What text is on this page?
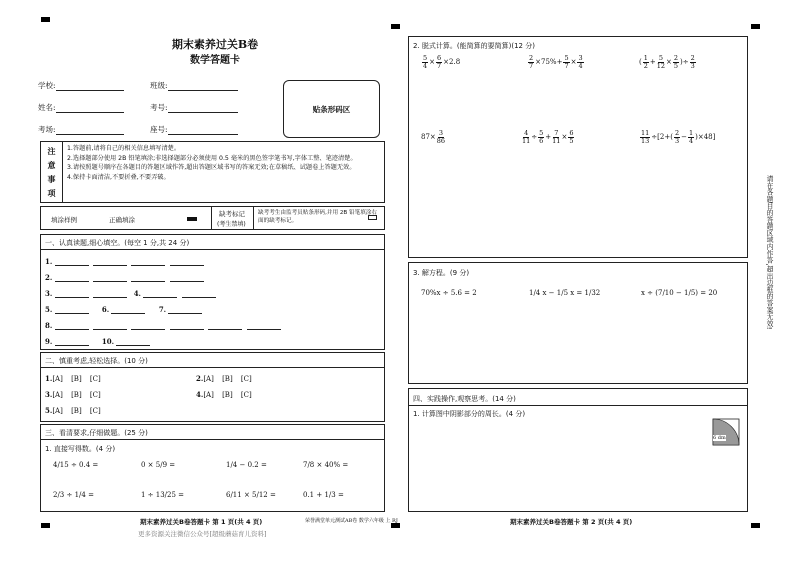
期末素养过关B卷
数学答题卡
学校:	班级:
姓名:	考号:
考场:	座号:
贴条形码区
注
意
事
项
1.答题前,请将自己的相关信息填写清楚。
2.选择题部分使用 2B 铅笔填涂;非选择题部分必须使用 0.5 毫米的黑色签字笔书写,字体工整、笔迹清楚。
3.请按照题号顺序在各题目的答题区域作答,超出答题区域书写的答案无效;在草稿纸、试题卷上答题无效。
4.保持卡面清洁,不要折叠,不要弄破。
填涂样例	正确填涂
缺考标记
(考生禁填)
缺考考生由监考员贴条形码,并用 2B 铅笔填涂右面的缺考标记。
一、认真读题,细心填空。(每空 1 分,共 24 分)
1.
2.
3.	4.
5.	6.	7.
8.
9.	10.
二、慎重考虑,轻松选择。(10 分)
1.[A] [B] [C]	2.[A] [B] [C]
3.[A] [B] [C]	4.[A] [B] [C]
5.[A] [B] [C]
三、看清要求,仔细做题。(25 分)
1. 直接写得数。(4 分)
4/15 ÷ 0.4 =	0 × 5/9 =	1/4 − 0.2 =	7/8 × 40% =
2/3 ÷ 1/4 =	1 ÷ 13/25 =	6/11 × 5/12 =	0.1 + 1/3 =
期末素养过关B卷答题卡 第 1 页(共 4 页)
更多资源关注微信公众号[超级蘑菇育儿资料]
2. 脱式计算。(能简算的要简算)(12 分)
$\frac{5}{4} \times \frac{6}{7} \times 2.8$	$\frac{2}{7} \times 75\%+ \frac{5}{7} \times \frac{3}{4}$	( $\frac{1}{2} + \frac{5}{12} \times \frac{2}{5}$ )÷ $\frac{2}{3}$
$87\times \frac{3}{86}$	$\frac{4}{11} \div \frac{5}{6} + \frac{7}{11} \times \frac{6}{5}$	$\frac{11}{13} \div[2+( \frac{2}{3} - \frac{1}{4} )\times 48]$
3. 解方程。(9 分)
70%x ÷ 5.6 = 2	1/4 x − 1/5 x = 1/32	x ÷ (7/10 − 1/5) = 20
四、实践操作,观察思考。(14 分)
1. 计算图中阴影部分的周长。(4 分)
6 dm
荣誉满堂单元测试AB卷 数学六年级 上 RJ	期末素养过关B卷答题卡 第 2 页(共 4 页)
请在各题目的答题区域内作答,超出边框的答案无效!
